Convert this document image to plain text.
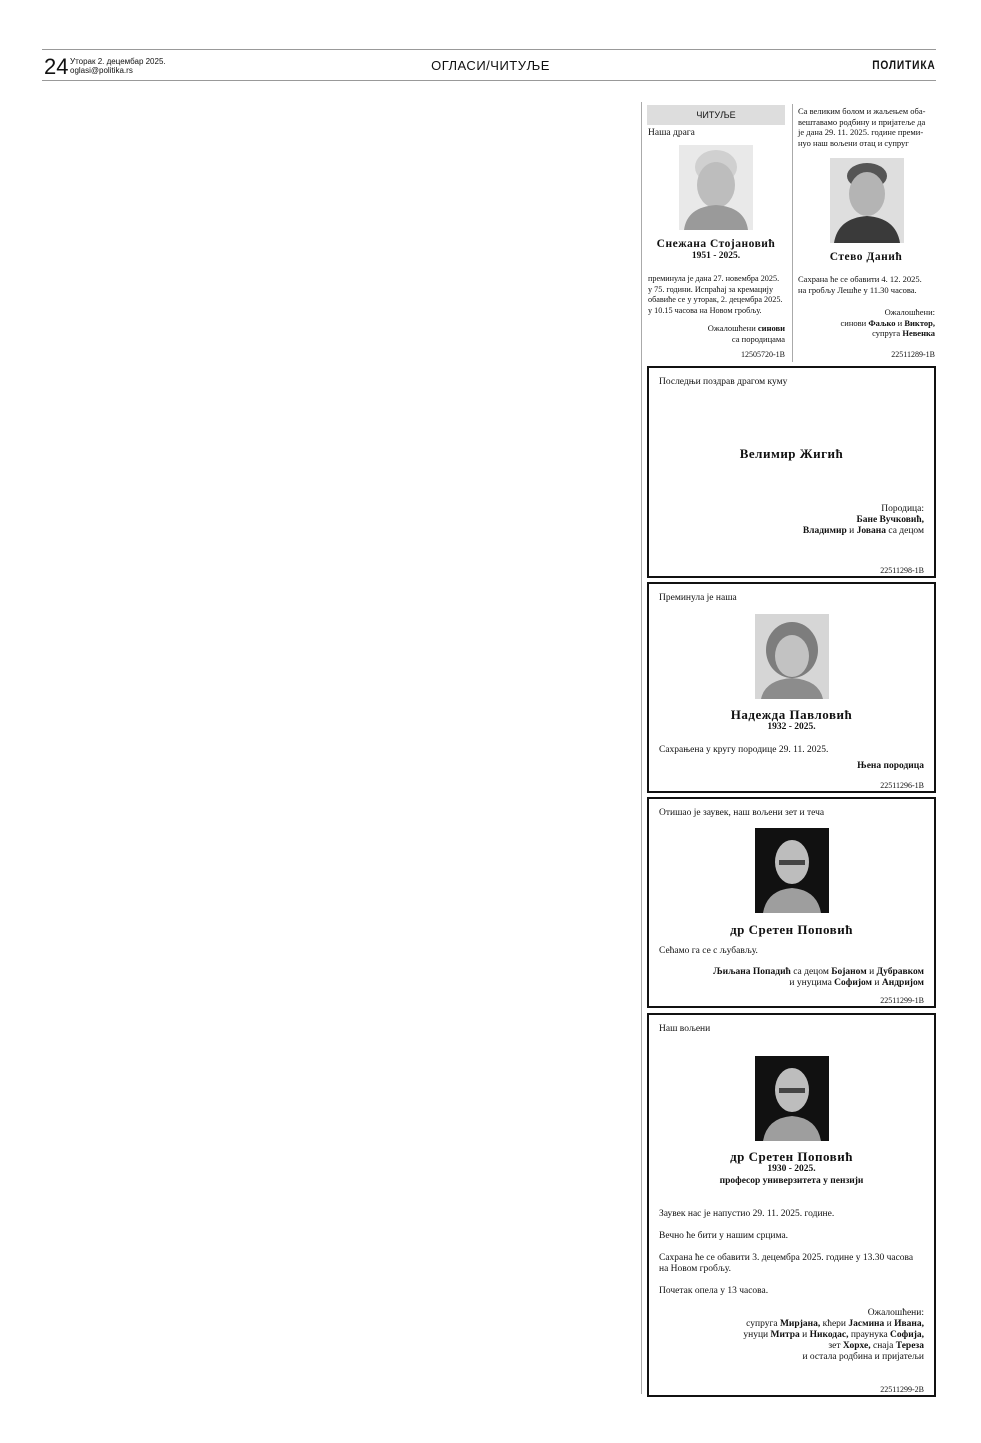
24 Уторак 2. децембар 2025.
oglasi@politika.rs	ОГЛАСИ/ЧИТУЉЕ	ПОЛИТИКА
ЧИТУЉЕ
Наша драга
Снежана Стојановић
1951 - 2025.
преминула је дана 27. новембра 2025.
у 75. години. Испраћај за кремацију
обавиће се у уторак, 2. децембра 2025.
у 10.15 часова на Новом гробљу.
Ожалошћени синови
са породицама
12505720-1В
Са великим болом и жаљењем оба-
вештавамо родбину и пријатеље да
је дана 29. 11. 2025. године преми-
нуо наш вољени отац и супруг
Стево Данић
Сахрана ће се обавити 4. 12. 2025.
на гробљу Лешће у 11.30 часова.
Ожалошћени:
синови Фаљко и Виктор,
супруга Невенка
22511289-1В
Последњи поздрав драгом куму
Велимир Жигић
Породица:
Бане Вучковић,
Владимир и Јована са децом
22511298-1В
Преминула је наша
Надежда Павловић
1932 - 2025.
Сахрањена у кругу породице 29. 11. 2025.
Њена породица
22511296-1В
Отишао је заувек, наш вољени зет и теча
др Сретен Поповић
Сећамо га се с љубављу.
Љиљана Попадић са децом Бојаном и Дубравком
и унуцима Софијом и Андријом
22511299-1В
Наш вољени
др Сретен Поповић
1930 - 2025.
професор универзитета у пензији
Заувек нас је напустио 29. 11. 2025. године.
Вечно ће бити у нашим срцима.
Сахрана ће се обавити 3. децембра 2025. године у 13.30 часова
на Новом гробљу.
Почетак опела у 13 часова.
Ожалошћени:
супруга Мирјана, кћери Јасмина и Ивана,
унуци Митра и Никодас, праунука Софија,
зет Хорхе, снаја Тереза
и остала родбина и пријатељи
22511299-2В
